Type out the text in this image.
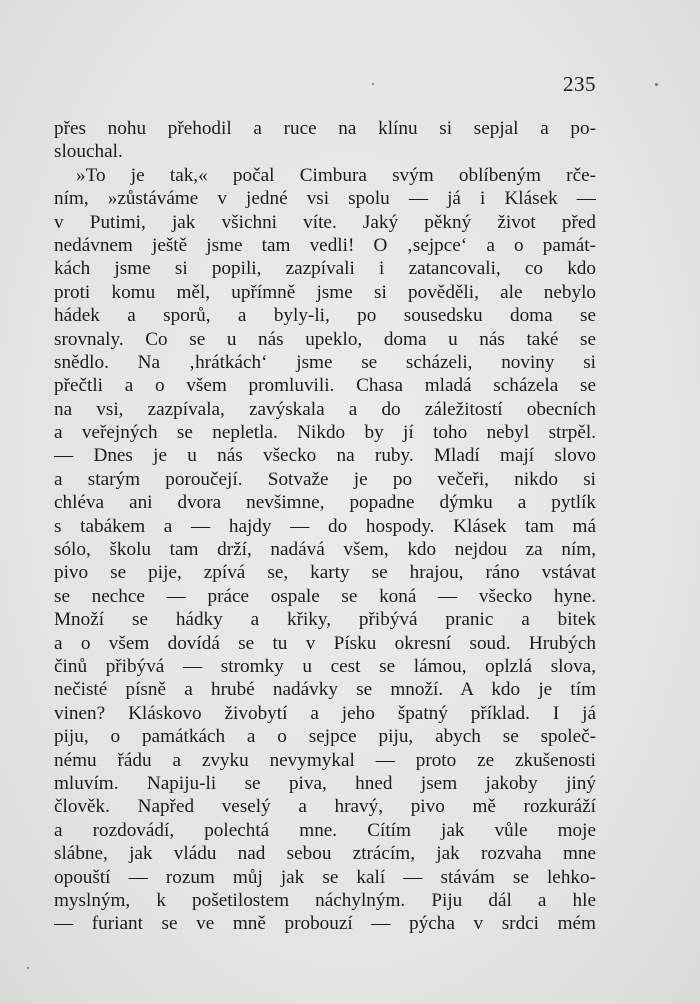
235
přes nohu přehodil a ruce na klínu si sepjal a po-
slouchal.
»To je tak,« počal Cimbura svým oblíbeným rče-
ním, »zůstáváme v jedné vsi spolu — já i Klásek —
v Putimi, jak všichni víte. Jaký pěkný život před
nedávnem ještě jsme tam vedli! O ‚sejpce‘ a o památ-
kách jsme si popili, zazpívali i zatancovali, co kdo
proti komu měl, upřímně jsme si pověděli, ale nebylo
hádek a sporů, a byly-li, po sousedsku doma se
srovnaly. Co se u nás upeklo, doma u nás také se
snědlo. Na ‚hrátkách‘ jsme se scházeli, noviny si
přečtli a o všem promluvili. Chasa mladá scházela se
na vsi, zazpívala, zavýskala a do záležitostí obecních
a veřejných se nepletla. Nikdo by jí toho nebyl strpěl.
— Dnes je u nás všecko na ruby. Mladí mají slovo
a starým poroučejí. Sotvaže je po večeři, nikdo si
chléva ani dvora nevšimne, popadne dýmku a pytlík
s tabákem a — hajdy — do hospody. Klásek tam má
sólo, školu tam drží, nadává všem, kdo nejdou za ním,
pivo se pije, zpívá se, karty se hrajou, ráno vstávat
se nechce — práce ospale se koná — všecko hyne.
Množí se hádky a křiky, přibývá pranic a bitek
a o všem dovídá se tu v Písku okresní soud. Hrubých
činů přibývá — stromky u cest se lámou, oplzlá slova,
nečisté písně a hrubé nadávky se množí. A kdo je tím
vinen? Kláskovo živobytí a jeho špatný příklad. I já
piju, o památkách a o sejpce piju, abych se společ-
nému řádu a zvyku nevymykal — proto ze zkušenosti
mluvím. Napiju-li se piva, hned jsem jakoby jiný
člověk. Napřed veselý a hravý, pivo mě rozkuráží
a rozdovádí, polechtá mne. Cítím jak vůle moje
slábne, jak vládu nad sebou ztrácím, jak rozvaha mne
opouští — rozum můj jak se kalí — stávám se lehko-
myslným, k pošetilostem náchylným. Piju dál a hle
— furiant se ve mně probouzí — pýcha v srdci mém
